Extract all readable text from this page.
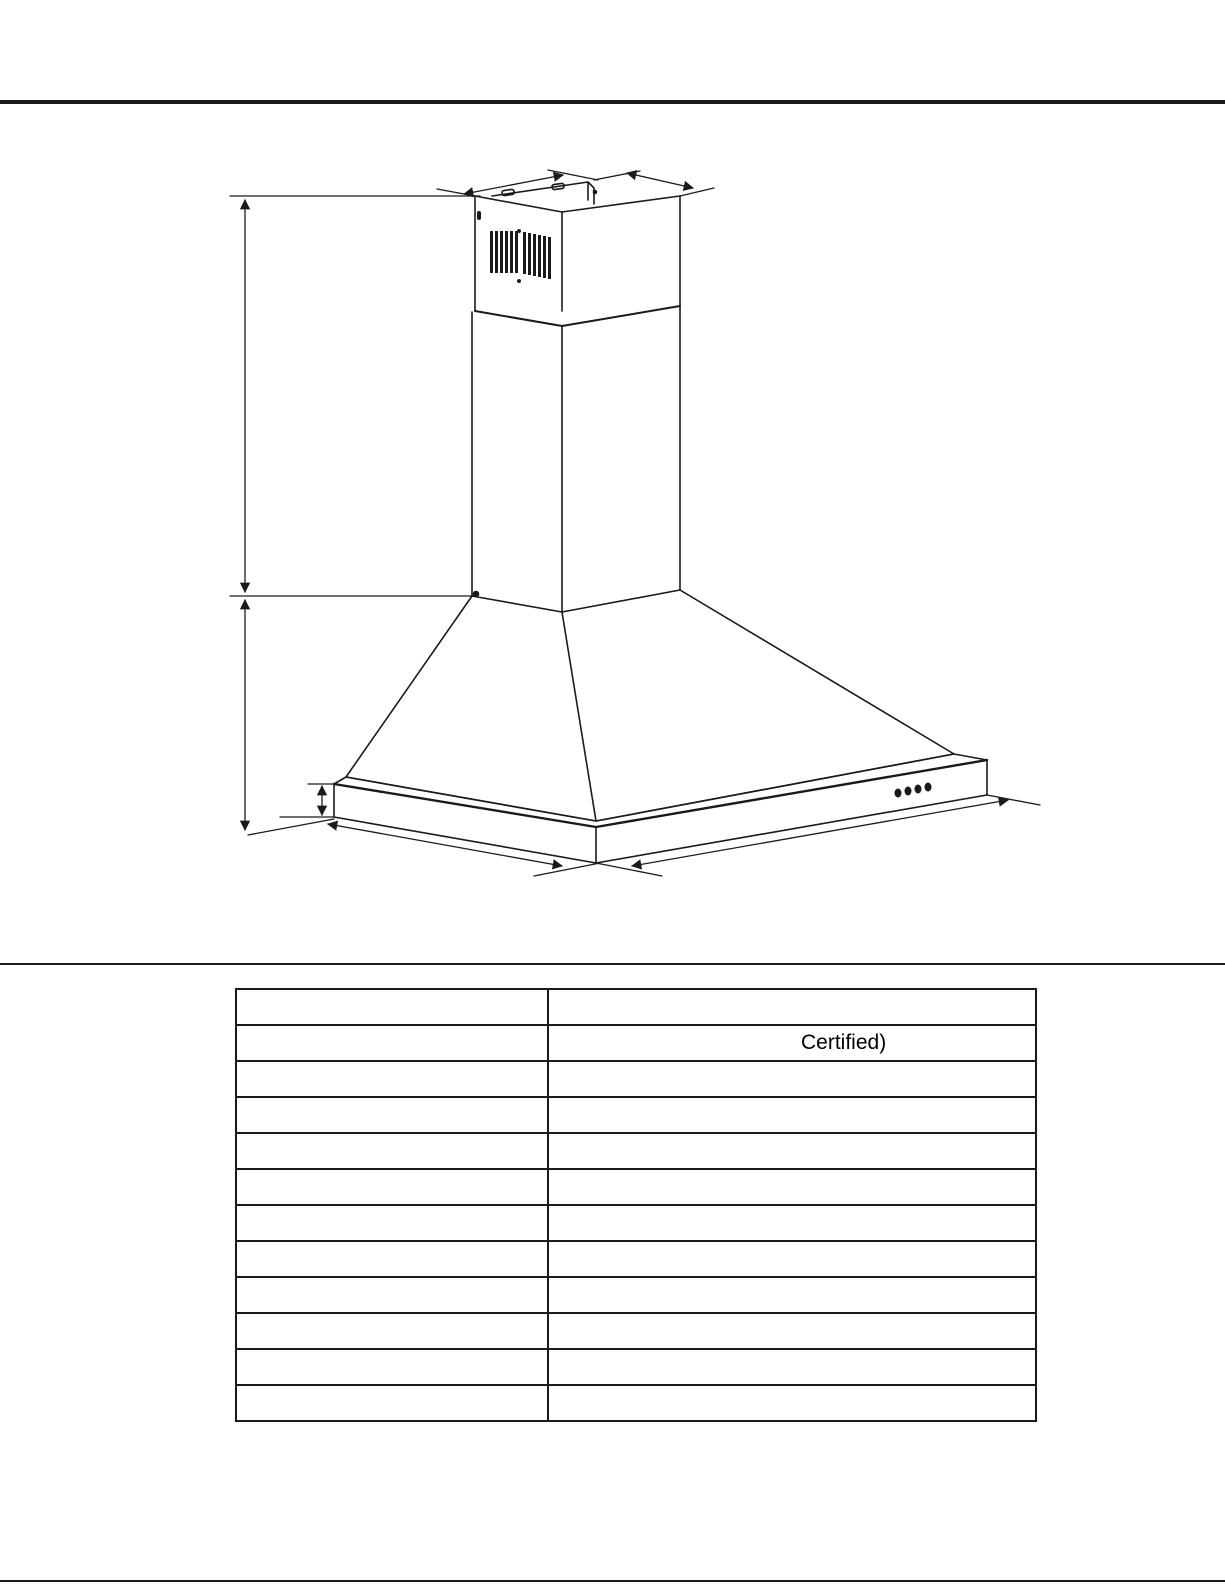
	Certified)
